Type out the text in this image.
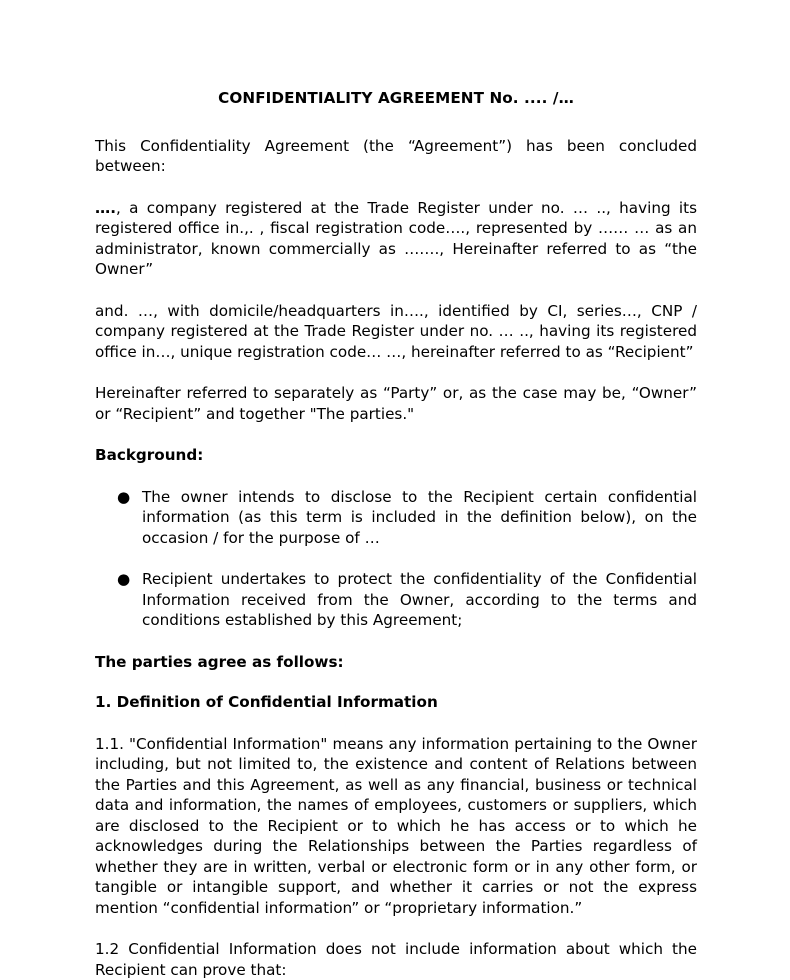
CONFIDENTIALITY AGREEMENT No. .... /…

This Confidentiality Agreement (the “Agreement”) has been concluded between:

…., a company registered at the Trade Register under no. … .., having its registered office in.,. , fiscal registration code…., represented by …… … as an administrator, known commercially as ……., Hereinafter referred to as “the Owner”

and. …, with domicile/headquarters in…., identified by CI, series…, CNP / company registered at the Trade Register under no. … .., having its registered office in…, unique registration code… …, hereinafter referred to as “Recipient”

Hereinafter referred to separately as “Party” or, as the case may be, “Owner” or “Recipient” and together "The parties."

Background:

● The owner intends to disclose to the Recipient certain confidential information (as this term is included in the definition below), on the occasion / for the purpose of …
● Recipient undertakes to protect the confidentiality of the Confidential Information received from the Owner, according to the terms and conditions established by this Agreement;

The parties agree as follows:

1. Definition of Confidential Information

1.1. "Confidential Information" means any information pertaining to the Owner including, but not limited to, the existence and content of Relations between the Parties and this Agreement, as well as any financial, business or technical data and information, the names of employees, customers or suppliers, which are disclosed to the Recipient or to which he has access or to which he acknowledges during the Relationships between the Parties regardless of whether they are in written, verbal or electronic form or in any other form, or tangible or intangible support, and whether it carries or not the express mention “confidential information” or “proprietary information.”

1.2 Confidential Information does not include information about which the Recipient can prove that:
